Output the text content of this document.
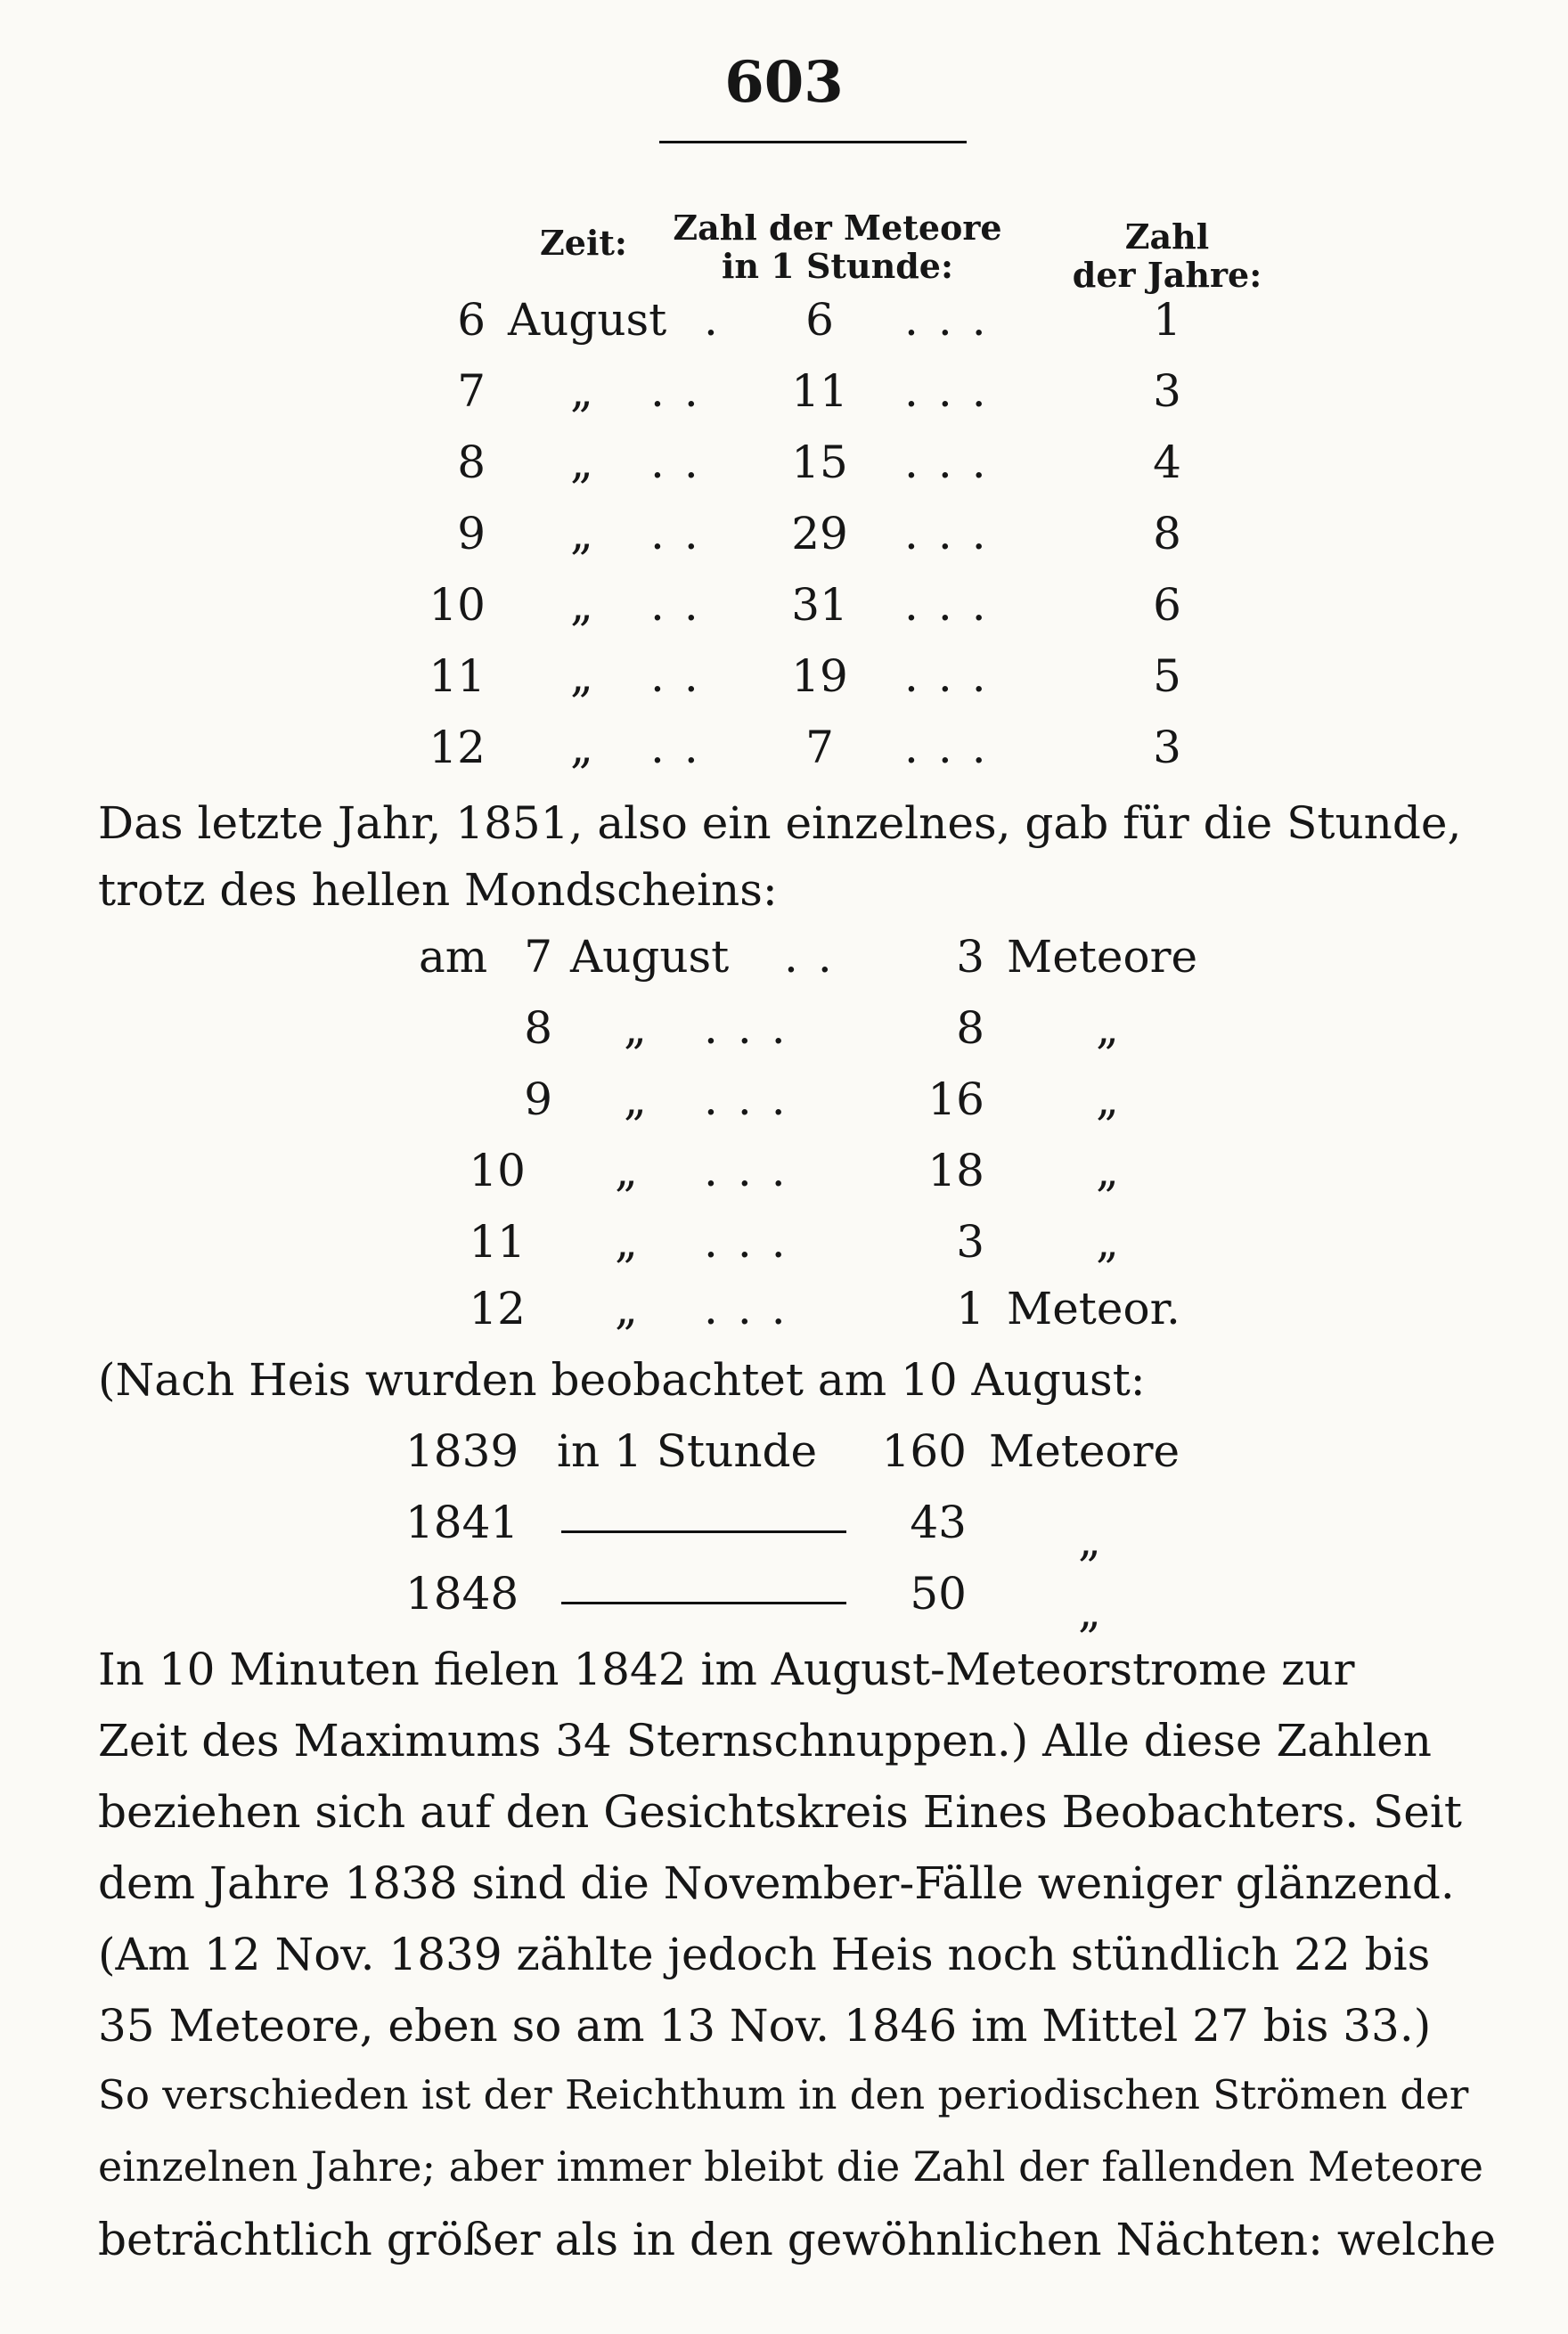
603
Zeit:	Zahl der Meteore
in 1 Stunde:
Zahl
der Jahre:
6 August .	6	...	1
7 „ ..	11	...	3
8 „ ..	15	...	4
9 „ ..	29	...	8
10 „ ..	31	...	6
11 „ ..	19	...	5
12 „ ..	7	...	3
Das letzte Jahr, 1851, also ein einzelnes, gab für die Stunde,
trotz des hellen Mondscheins:
am 7 August ..	3 Meteore
8 „ ...	8	„
9 „ ...	16	„
10 „ ...	18	„
11 „ ...	3	„
12 „ ...	1 Meteor.
(Nach Heis wurden beobachtet am 10 August:
1839 in 1 Stunde 160 Meteore
1841	43	„
1848	50	„
In 10 Minuten fielen 1842 im August-Meteorstrome zur
Zeit des Maximums 34 Sternschnuppen.) Alle diese Zahlen
beziehen sich auf den Gesichtskreis Eines Beobachters. Seit
dem Jahre 1838 sind die November-Fälle weniger glänzend.
(Am 12 Nov. 1839 zählte jedoch Heis noch stündlich 22 bis
35 Meteore, eben so am 13 Nov. 1846 im Mittel 27 bis 33.)
So verschieden ist der Reichthum in den periodischen Strömen der
einzelnen Jahre; aber immer bleibt die Zahl der fallenden Meteore
beträchtlich größer als in den gewöhnlichen Nächten: welche
